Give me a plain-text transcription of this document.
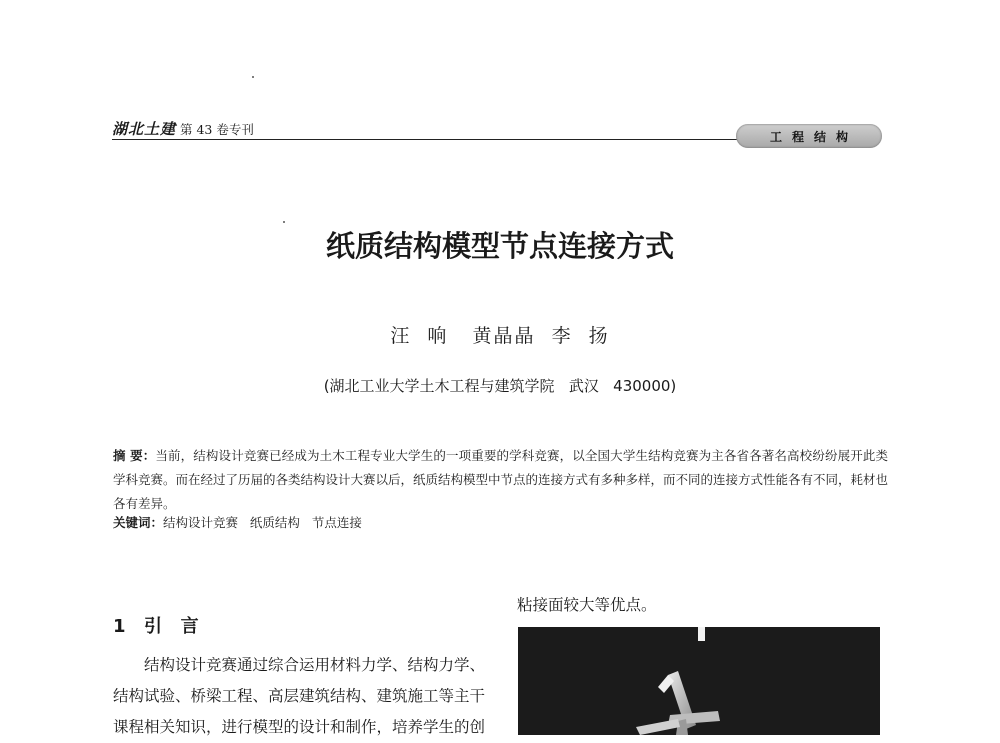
湖北土建 第 43 卷专刊	工程结构
纸质结构模型节点连接方式
汪  响   黄晶晶  李  扬
(湖北工业大学土木工程与建筑学院   武汉   430000)
摘 要：当前，结构设计竞赛已经成为土木工程专业大学生的一项重要的学科竞赛，以全国大学生结构竞赛为主各省各著名高校纷纷展开此类学科竞赛。而在经过了历届的各类结构设计大赛以后，纸质结构模型中节点的连接方式有多种多样，而不同的连接方式性能各有不同，耗材也各有差异。
关键词：结构设计竞赛   纸质结构   节点连接
1  引  言

结构设计竞赛通过综合运用材料力学、结构力学、

结构试验、桥梁工程、高层建筑结构、建筑施工等主干

课程相关知识，进行模型的设计和制作，培养学生的创

粘接面较大等优点。
